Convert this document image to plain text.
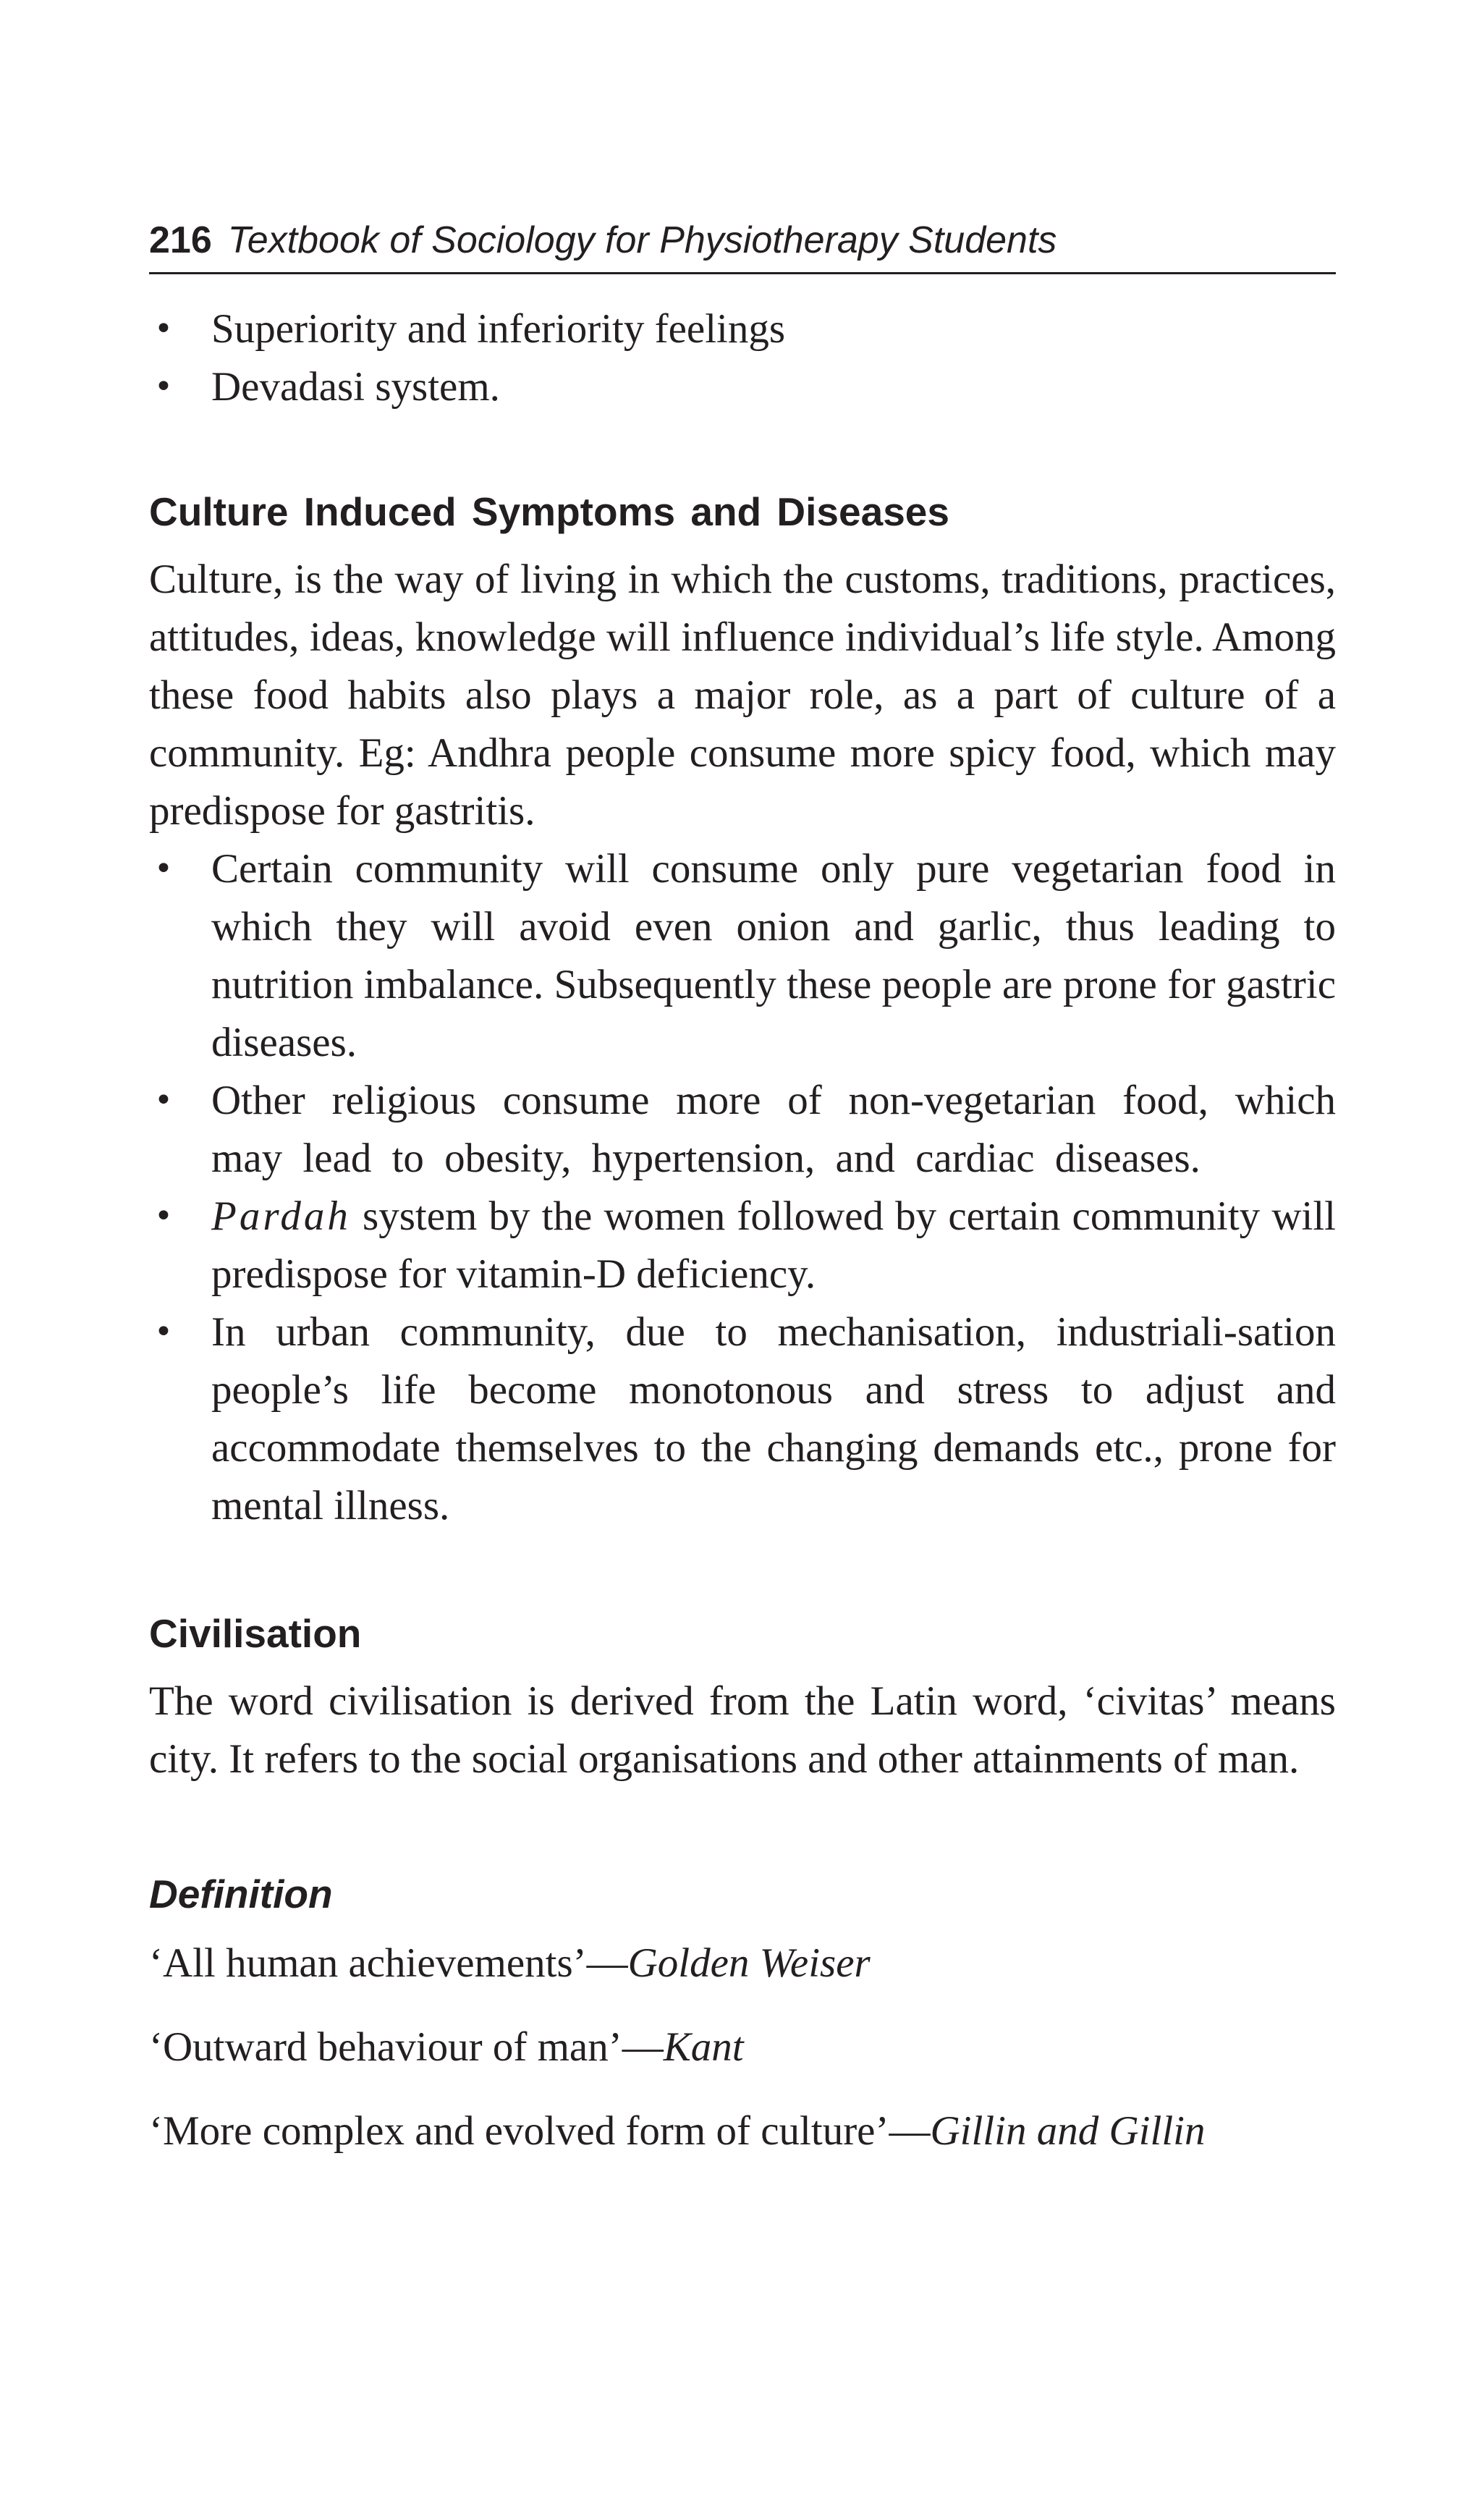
216 Textbook of Sociology for Physiotherapy Students
• Superiority and inferiority feelings
• Devadasi system.
Culture Induced Symptoms and Diseases

Culture, is the way of living in which the customs, traditions, practices, attitudes, ideas, knowledge will influence individual’s life style. Among these food habits also plays a major role, as a part of culture of a community. Eg: Andhra people consume more spicy food, which may predispose for gastritis.

• Certain community will consume only pure vegetarian food in which they will avoid even onion and garlic, thus leading to nutrition imbalance. Subsequently these people are prone for gastric diseases.
• Other religious consume more of non-vegetarian food, which may lead to obesity, hypertension, and cardiac diseases.
• Pardah system by the women followed by certain community will predispose for vitamin-D deficiency.
• In urban community, due to mechanisation, industriali-sation people’s life become monotonous and stress to adjust and accommodate themselves to the changing demands etc., prone for mental illness.
Civilisation

The word civilisation is derived from the Latin word, ‘civitas’ means city. It refers to the social organisations and other attainments of man.

Definition

‘All human achievements’—Golden Weiser

‘Outward behaviour of man’—Kant

‘More complex and evolved form of culture’—Gillin and Gillin
